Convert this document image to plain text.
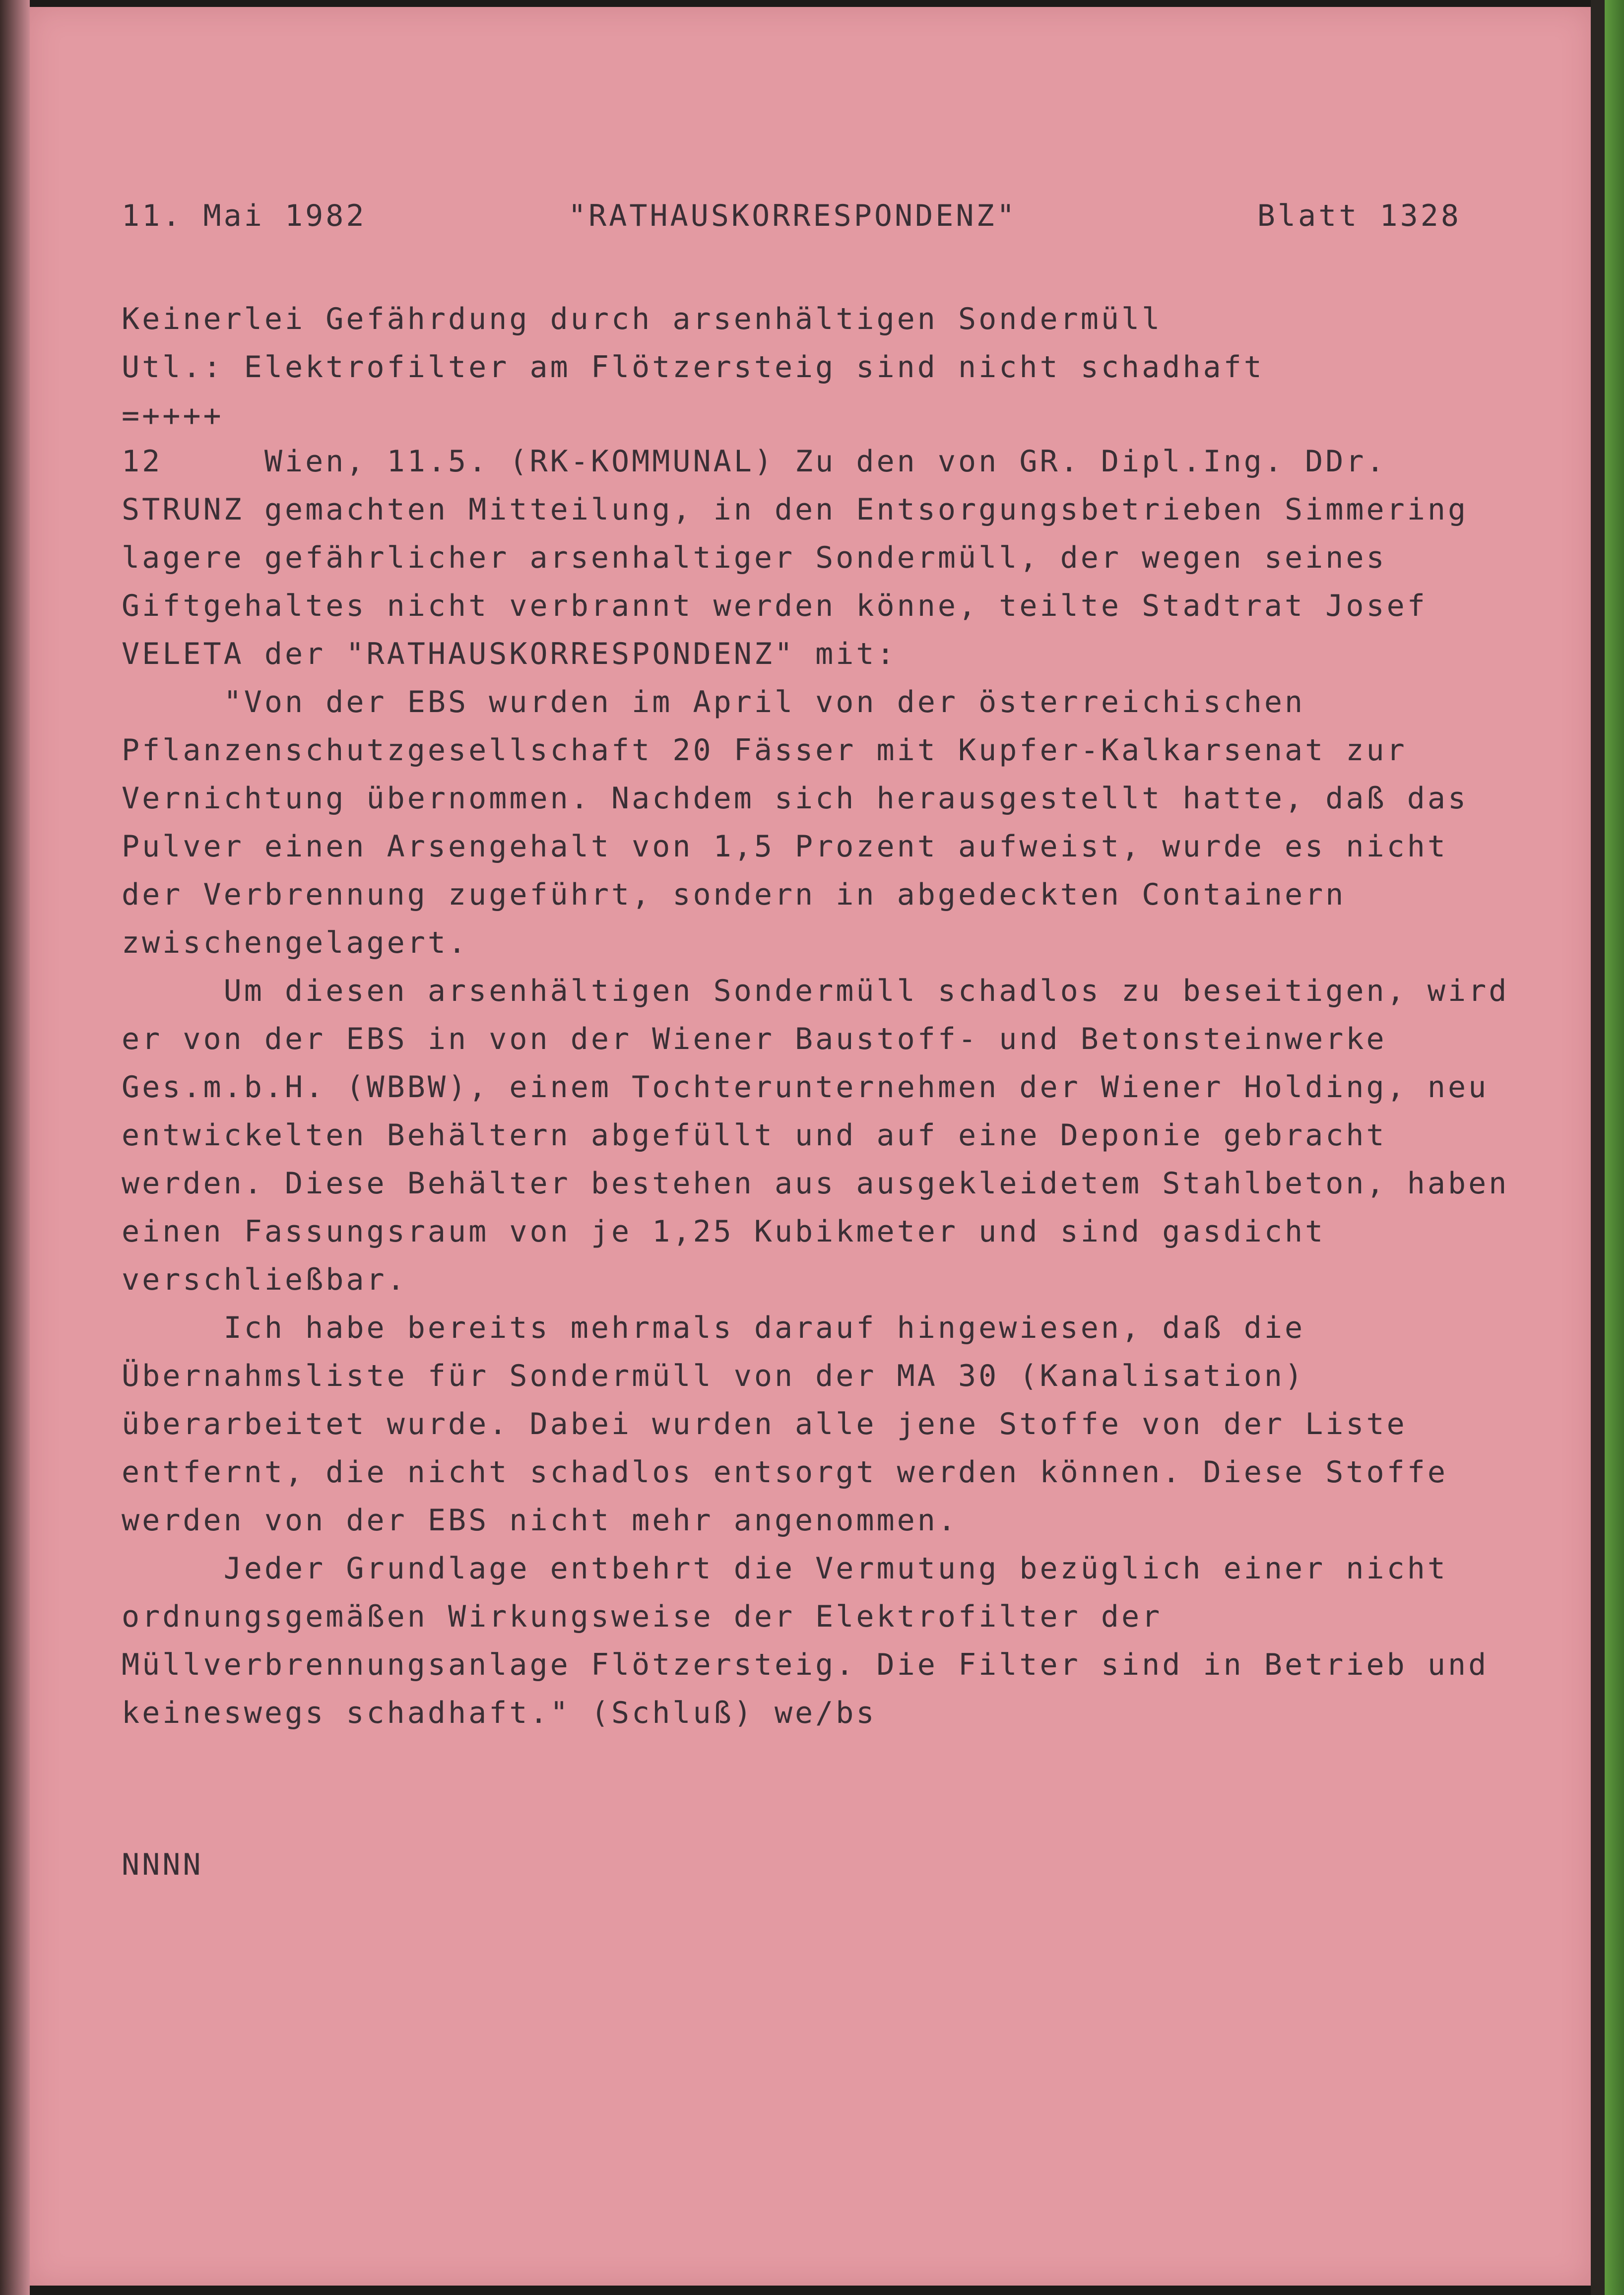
11. Mai 1982	"RATHAUSKORRESPONDENZ"	Blatt 1328
Keinerlei Gefährdung durch arsenhältigen Sondermüll
Utl.: Elektrofilter am Flötzersteig sind nicht schadhaft
=++++
12     Wien, 11.5. (RK-KOMMUNAL) Zu den von GR. Dipl.Ing. DDr.
STRUNZ gemachten Mitteilung, in den Entsorgungsbetrieben Simmering
lagere gefährlicher arsenhaltiger Sondermüll, der wegen seines
Giftgehaltes nicht verbrannt werden könne, teilte Stadtrat Josef
VELETA der "RATHAUSKORRESPONDENZ" mit:
"Von der EBS wurden im April von der österreichischen
Pflanzenschutzgesellschaft 20 Fässer mit Kupfer-Kalkarsenat zur
Vernichtung übernommen. Nachdem sich herausgestellt hatte, daß das
Pulver einen Arsengehalt von 1,5 Prozent aufweist, wurde es nicht
der Verbrennung zugeführt, sondern in abgedeckten Containern
zwischengelagert.
Um diesen arsenhältigen Sondermüll schadlos zu beseitigen, wird
er von der EBS in von der Wiener Baustoff- und Betonsteinwerke
Ges.m.b.H. (WBBW), einem Tochterunternehmen der Wiener Holding, neu
entwickelten Behältern abgefüllt und auf eine Deponie gebracht
werden. Diese Behälter bestehen aus ausgekleidetem Stahlbeton, haben
einen Fassungsraum von je 1,25 Kubikmeter und sind gasdicht
verschließbar.
Ich habe bereits mehrmals darauf hingewiesen, daß die
Übernahmsliste für Sondermüll von der MA 30 (Kanalisation)
überarbeitet wurde. Dabei wurden alle jene Stoffe von der Liste
entfernt, die nicht schadlos entsorgt werden können. Diese Stoffe
werden von der EBS nicht mehr angenommen.
Jeder Grundlage entbehrt die Vermutung bezüglich einer nicht
ordnungsgemäßen Wirkungsweise der Elektrofilter der
Müllverbrennungsanlage Flötzersteig. Die Filter sind in Betrieb und
keineswegs schadhaft." (Schluß) we/bs
NNNN
